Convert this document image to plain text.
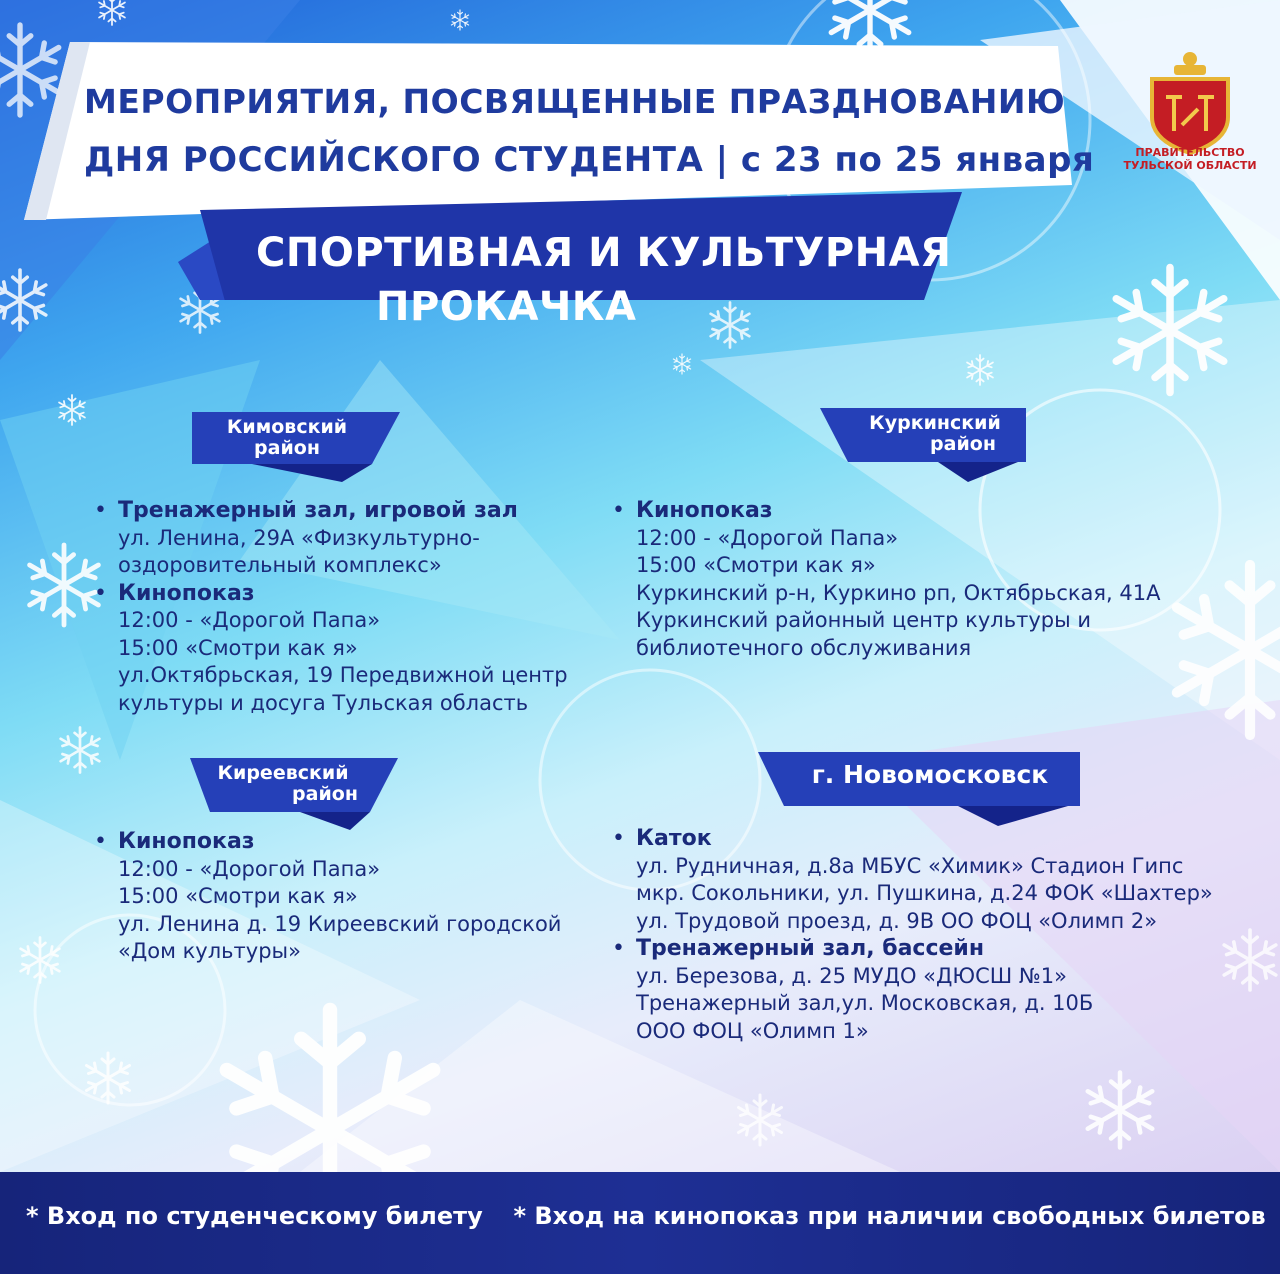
МЕРОПРИЯТИЯ, ПОСВЯЩЕННЫЕ ПРАЗДНОВАНИЮ
ДНЯ РОССИЙСКОГО СТУДЕНТА | с 23 по 25 января
СПОРТИВНАЯ И КУЛЬТУРНАЯ
ПРОКАЧКА
ПРАВИТЕЛЬСТВО
ТУЛЬСКОЙ ОБЛАСТИ
Кимовский
район
• Тренажерный зал, игровой зал
ул. Ленина, 29А «Физкультурно-
оздоровительный комплекс»
• Кинопоказ
12:00 - «Дорогой Папа»
15:00 «Смотри как я»
ул.Октябрьская, 19 Передвижной центр
культуры и досуга Тульская область
Куркинский
район
• Кинопоказ
12:00 - «Дорогой Папа»
15:00 «Смотри как я»
Куркинский р-н, Куркино рп, Октябрьская, 41А
Куркинский районный центр культуры и
библиотечного обслуживания
Киреевский
район
• Кинопоказ
12:00 - «Дорогой Папа»
15:00 «Смотри как я»
ул. Ленина д. 19 Киреевский городской
«Дом культуры»
г. Новомосковск
• Каток
ул. Рудничная, д.8а МБУС «Химик» Стадион Гипс
мкр. Сокольники, ул. Пушкина, д.24 ФОК «Шахтер»
ул. Трудовой проезд, д. 9В ОО ФОЦ «Олимп 2»
• Тренажерный зал, бассейн
ул. Березова, д. 25 МУДО «ДЮСШ №1»
Тренажерный зал,ул. Московская, д. 10Б
ООО ФОЦ «Олимп 1»
* Вход по студенческому билету * Вход на кинопоказ при наличии свободных билетов
